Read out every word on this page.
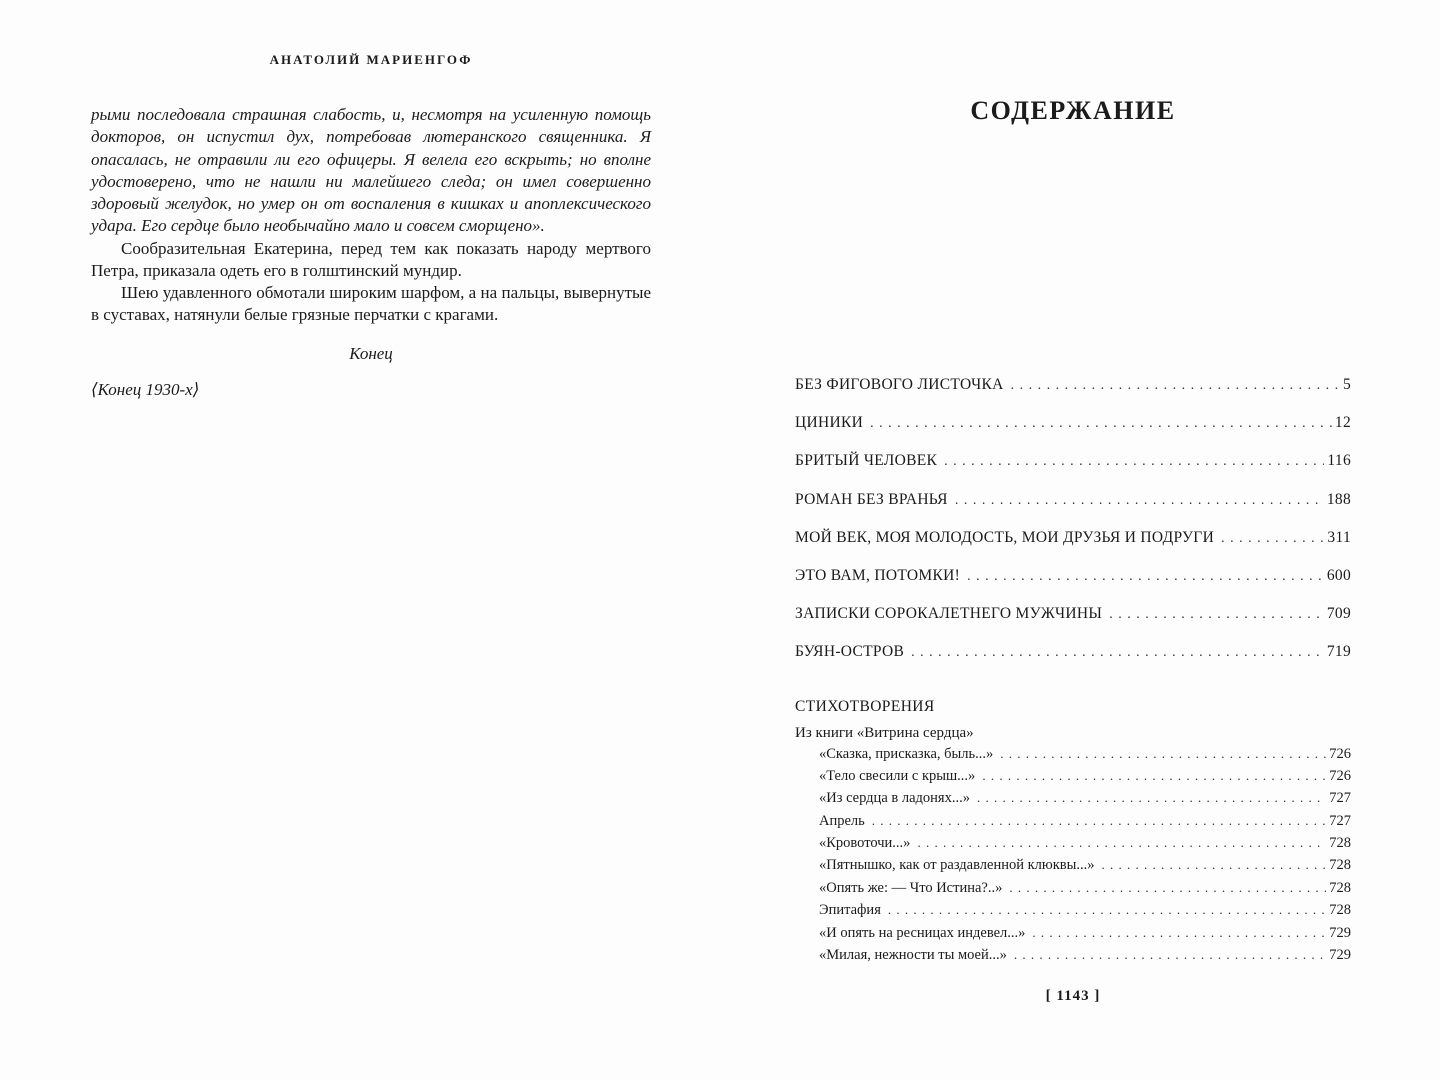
АНАТОЛИЙ МАРИЕНГОФ

рыми последовала страшная слабость, и, несмотря на усиленную помощь докторов, он испустил дух, потребовав лютеранского священника. Я опасалась, не отравили ли его офицеры. Я велела его вскрыть; но вполне удостоверено, что не нашли ни малейшего следа; он имел совершенно здоровый желудок, но умер он от воспаления в кишках и апоплексического удара. Его сердце было необычайно мало и совсем сморщено».

Сообразительная Екатерина, перед тем как показать народу мертвого Петра, приказала одеть его в голштинский мундир.

Шею удавленного обмотали широким шарфом, а на пальцы, вывернутые в суставах, натянули белые грязные перчатки с крагами.

Конец
⟨Конец 1930-х⟩
СОДЕРЖАНИЕ
БЕЗ ФИГОВОГО ЛИСТОЧКА . . .	5
ЦИНИКИ . . .	12
БРИТЫЙ ЧЕЛОВЕК . . .	116
РОМАН БЕЗ ВРАНЬЯ . . .	188
МОЙ ВЕК, МОЯ МОЛОДОСТЬ, МОИ ДРУЗЬЯ И ПОДРУГИ . . .	311
ЭТО ВАМ, ПОТОМКИ! . . .	600
ЗАПИСКИ СОРОКАЛЕТНЕГО МУЖЧИНЫ . . .	709
БУЯН-ОСТРОВ . . .	719
СТИХОТВОРЕНИЯ
Из книги «Витрина сердца»
«Сказка, присказка, быль...» . . .	726
«Тело свесили с крыш...» . . .	726
«Из сердца в ладонях...» . . .	727
Апрель . . .	727
«Кровоточи...» . . .	728
«Пятнышко, как от раздавленной клюквы...» . . .	728
«Опять же: — Что Истина?..» . . .	728
Эпитафия . . .	728
«И опять на ресницах индевел...» . . .	729
«Милая, нежности ты моей...» . . .	729
[ 1143 ]
